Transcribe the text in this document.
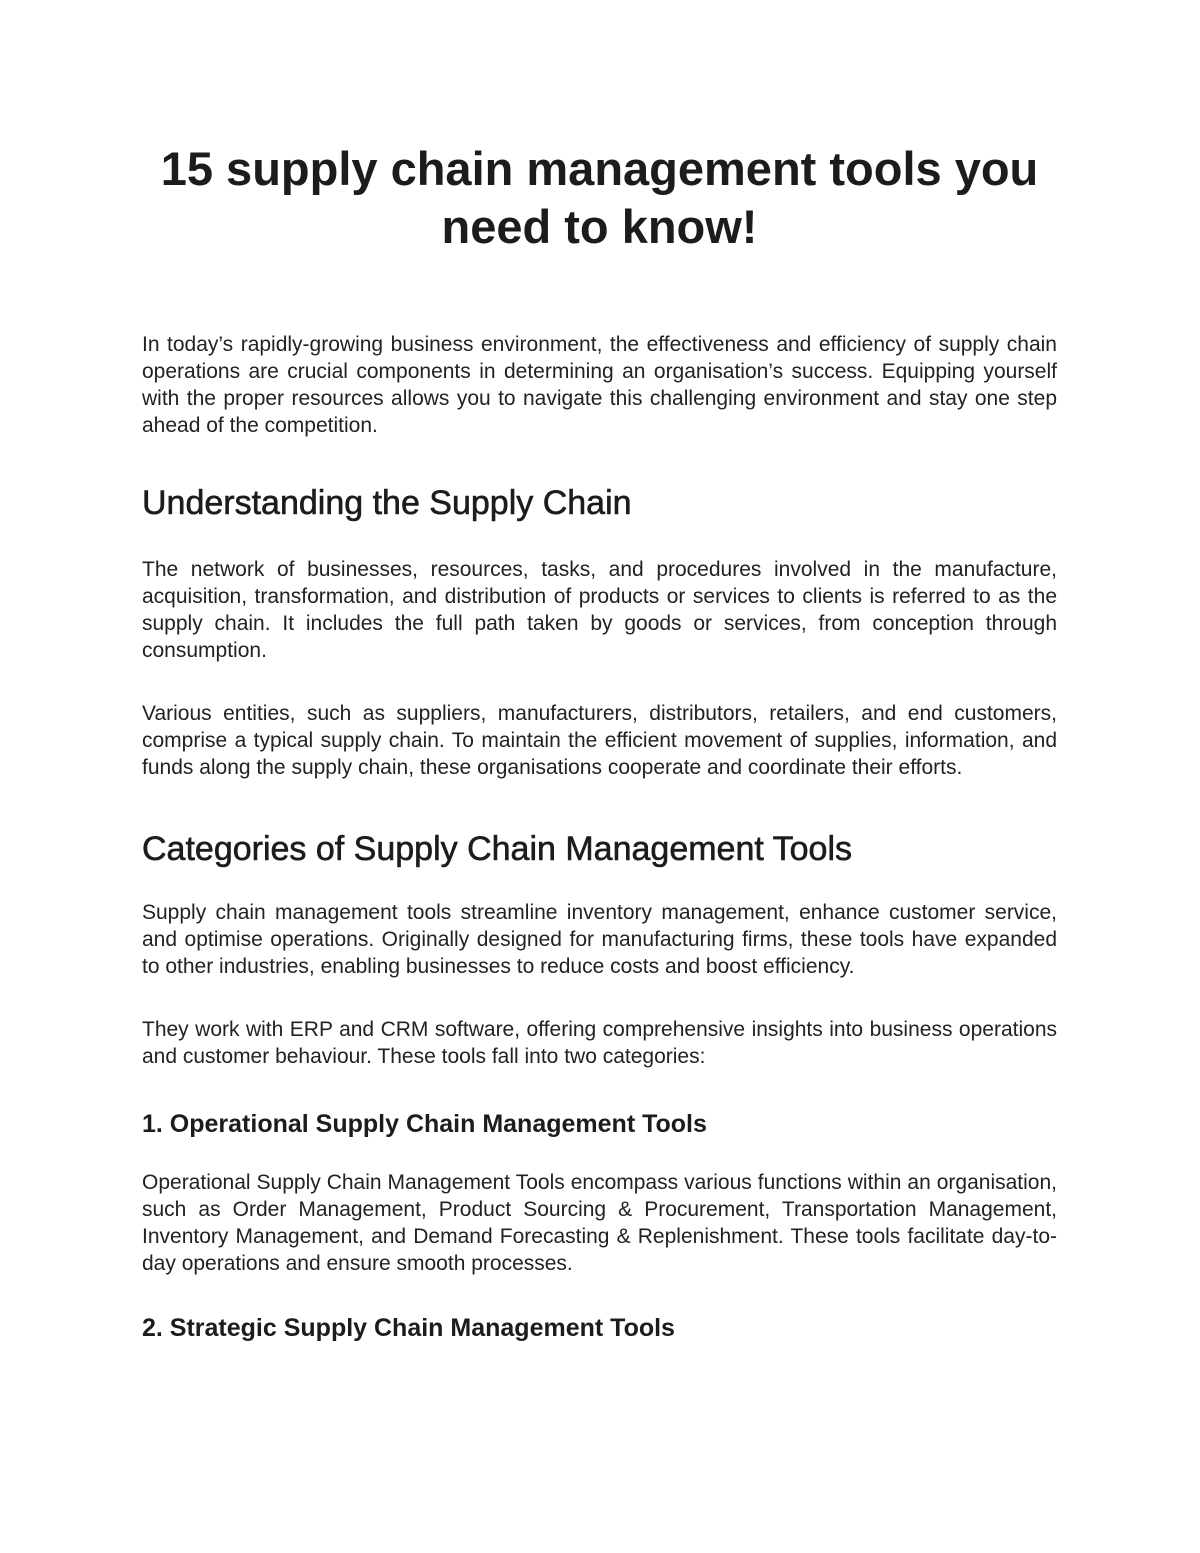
15 supply chain management tools you need to know!

In today’s rapidly-growing business environment, the effectiveness and efficiency of supply chain operations are crucial components in determining an organisation’s success. Equipping yourself with the proper resources allows you to navigate this challenging environment and stay one step ahead of the competition.

Understanding the Supply Chain

The network of businesses, resources, tasks, and procedures involved in the manufacture, acquisition, transformation, and distribution of products or services to clients is referred to as the supply chain. It includes the full path taken by goods or services, from conception through consumption.

Various entities, such as suppliers, manufacturers, distributors, retailers, and end customers, comprise a typical supply chain. To maintain the efficient movement of supplies, information, and funds along the supply chain, these organisations cooperate and coordinate their efforts.

Categories of Supply Chain Management Tools

Supply chain management tools streamline inventory management, enhance customer service, and optimise operations. Originally designed for manufacturing firms, these tools have expanded to other industries, enabling businesses to reduce costs and boost efficiency.

They work with ERP and CRM software, offering comprehensive insights into business operations and customer behaviour. These tools fall into two categories:

1. Operational Supply Chain Management Tools

Operational Supply Chain Management Tools encompass various functions within an organisation, such as Order Management, Product Sourcing & Procurement, Transportation Management, Inventory Management, and Demand Forecasting & Replenishment. These tools facilitate day-to-day operations and ensure smooth processes.

2. Strategic Supply Chain Management Tools
